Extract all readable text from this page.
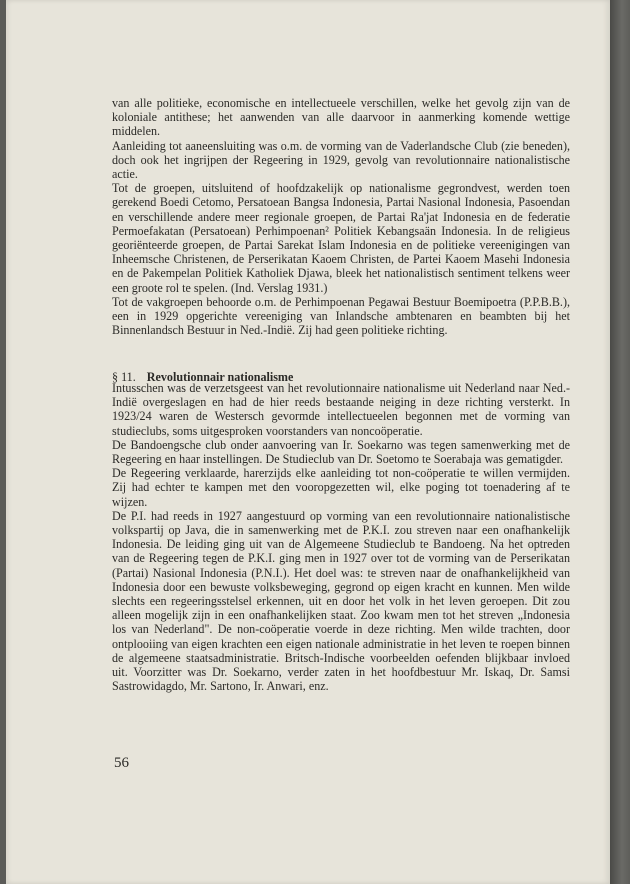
van alle politieke, economische en intellectueele verschillen, welke het gevolg zijn van de koloniale antithese; het aanwenden van alle daarvoor in aanmerking komende wettige middelen.

Aanleiding tot aaneensluiting was o.m. de vorming van de Vaderlandsche Club (zie beneden), doch ook het ingrijpen der Regeering in 1929, gevolg van revolutionnaire nationalistische actie.

Tot de groepen, uitsluitend of hoofdzakelijk op nationalisme gegrondvest, werden toen gerekend Boedi Cetomo, Persatoean Bangsa Indonesia, Partai Nasional Indonesia, Pasoendan en verschillende andere meer regionale groepen, de Partai Ra'jat Indonesia en de federatie Permoefakatan (Persatoean) Perhimpoenan² Politiek Kebangsaän Indonesia. In de religieus georiënteerde groepen, de Partai Sarekat Islam Indonesia en de politieke vereenigingen van Inheemsche Christenen, de Perserikatan Kaoem Christen, de Partei Kaoem Masehi Indonesia en de Pakempelan Politiek Katholiek Djawa, bleek het nationalistisch sentiment telkens weer een groote rol te spelen. (Ind. Verslag 1931.)

Tot de vakgroepen behoorde o.m. de Perhimpoenan Pegawai Bestuur Boemipoetra (P.P.B.B.), een in 1929 opgerichte vereeniging van Inlandsche ambtenaren en beambten bij het Binnenlandsch Bestuur in Ned.-Indië. Zij had geen politieke richting.

§ 11. Revolutionnair nationalisme

Intusschen was de verzetsgeest van het revolutionnaire nationalisme uit Nederland naar Ned.-Indië overgeslagen en had de hier reeds bestaande neiging in deze richting versterkt. In 1923/24 waren de Westersch gevormde intellectueelen begonnen met de vorming van studieclubs, soms uitgesproken voorstanders van noncoöperatie.

De Bandoengsche club onder aanvoering van Ir. Soekarno was tegen samenwerking met de Regeering en haar instellingen. De Studieclub van Dr. Soetomo te Soerabaja was gematigder.

De Regeering verklaarde, harerzijds elke aanleiding tot non-coöperatie te willen vermijden. Zij had echter te kampen met den vooropgezetten wil, elke poging tot toenadering af te wijzen.

De P.I. had reeds in 1927 aangestuurd op vorming van een revolutionnaire nationalistische volkspartij op Java, die in samenwerking met de P.K.I. zou streven naar een onafhankelijk Indonesia. De leiding ging uit van de Algemeene Studieclub te Bandoeng. Na het optreden van de Regeering tegen de P.K.I. ging men in 1927 over tot de vorming van de Perserikatan (Partai) Nasional Indonesia (P.N.I.). Het doel was: te streven naar de onafhankelijkheid van Indonesia door een bewuste volksbeweging, gegrond op eigen kracht en kunnen. Men wilde slechts een regeeringsstelsel erkennen, uit en door het volk in het leven geroepen. Dit zou alleen mogelijk zijn in een onafhankelijken staat. Zoo kwam men tot het streven „Indonesia los van Nederland". De non-coöperatie voerde in deze richting. Men wilde trachten, door ontplooiing van eigen krachten een eigen nationale administratie in het leven te roepen binnen de algemeene staatsadministratie. Britsch-Indische voorbeelden oefenden blijkbaar invloed uit. Voorzitter was Dr. Soekarno, verder zaten in het hoofdbestuur Mr. Iskaq, Dr. Samsi Sastrowidagdo, Mr. Sartono, Ir. Anwari, enz.

56
